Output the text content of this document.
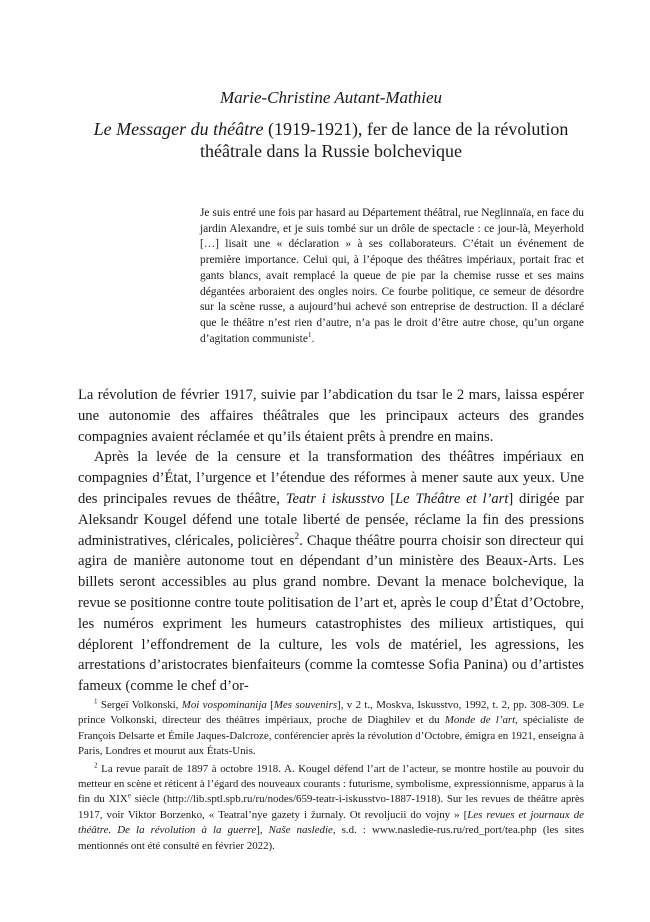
Marie-Christine Autant-Mathieu
Le Messager du théâtre (1919-1921), fer de lance de la révolution théâtrale dans la Russie bolchevique
Je suis entré une fois par hasard au Département théâtral, rue Neglinnaïa, en face du jardin Alexandre, et je suis tombé sur un drôle de spectacle : ce jour-là, Meyerhold […] lisait une « déclaration » à ses collaborateurs. C’était un événement de première importance. Celui qui, à l’époque des théâtres impériaux, portait frac et gants blancs, avait remplacé la queue de pie par la chemise russe et ses mains dégantées arboraient des ongles noirs. Ce fourbe politique, ce semeur de désordre sur la scène russe, a aujourd’hui achevé son entreprise de destruction. Il a déclaré que le théâtre n’est rien d’autre, n’a pas le droit d’être autre chose, qu’un organe d’agitation communiste$^1$.

La révolution de février 1917, suivie par l’abdication du tsar le 2 mars, laissa espérer une autonomie des affaires théâtrales que les principaux acteurs des grandes compagnies avaient réclamée et qu’ils étaient prêts à prendre en mains.

Après la levée de la censure et la transformation des théâtres impériaux en compagnies d’État, l’urgence et l’étendue des réformes à mener saute aux yeux. Une des principales revues de théâtre, Teatr i iskusstvo [Le Théâtre et l’art] dirigée par Aleksandr Kougel défend une totale liberté de pensée, réclame la fin des pressions administratives, cléricales, policières$^2$. Chaque théâtre pourra choisir son directeur qui agira de manière autonome tout en dépendant d’un ministère des Beaux-Arts. Les billets seront accessibles au plus grand nombre. Devant la menace bolchevique, la revue se positionne contre toute politisation de l’art et, après le coup d’État d’Octobre, les numéros expriment les humeurs catastrophistes des milieux artistiques, qui déplorent l’effondrement de la culture, les vols de matériel, les agressions, les arrestations d’aristocrates bienfaiteurs (comme la comtesse Sofia Panina) ou d’artistes fameux (comme le chef d’or-

$^1$ Sergeï Volkonski, Moi vospominanija [Mes souvenirs], v 2 t., Moskva, Iskusstvo, 1992, t. 2, pp. 308-309. Le prince Volkonski, directeur des théâtres impériaux, proche de Diaghilev et du Monde de l’art, spécialiste de François Delsarte et Émile Jaques-Dalcroze, conférencier après la révolution d’Octobre, émigra en 1921, enseigna à Paris, Londres et mourut aux États-Unis.

$^2$ La revue paraît de 1897 à octobre 1918. A. Kougel défend l’art de l’acteur, se montre hostile au pouvoir du metteur en scène et réticent à l’égard des nouveaux courants : futurisme, symbolisme, expressionnisme, apparus à la fin du XIXe siècle (http://lib.sptl.spb.ru/ru/nodes/659-teatr-i-iskusstvo-1887-1918). Sur les revues de théâtre après 1917, voir Viktor Borzenko, « Teatral’nye gazety i žurnaly. Ot revoljucii do vojny » [Les revues et journaux de théâtre. De la révolution à la guerre], Naše nasledie, s.d. : www.nasledie-rus.ru/red_port/tea.php (les sites mentionnés ont été consulté en février 2022).
